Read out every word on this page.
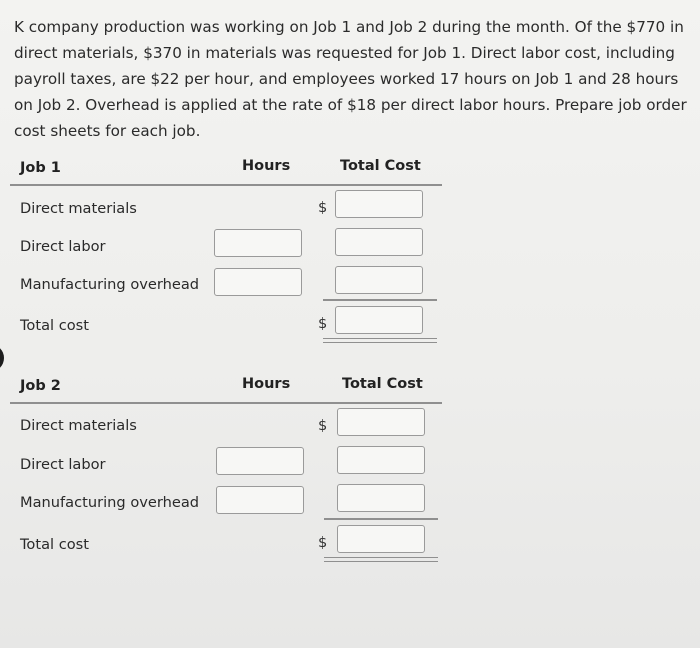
K company production was working on Job 1 and Job 2 during the month. Of the $770 in direct materials, $370 in materials was requested for Job 1. Direct labor cost, including payroll taxes, are $22 per hour, and employees worked 17 hours on Job 1 and 28 hours on Job 2. Overhead is applied at the rate of $18 per direct labor hours. Prepare job order cost sheets for each job.

Job 1	Hours	Total Cost
Direct materials	$
Direct labor
Manufacturing overhead
Total cost	$
Job 2	Hours	Total Cost
Direct materials	$
Direct labor
Manufacturing overhead
Total cost	$
